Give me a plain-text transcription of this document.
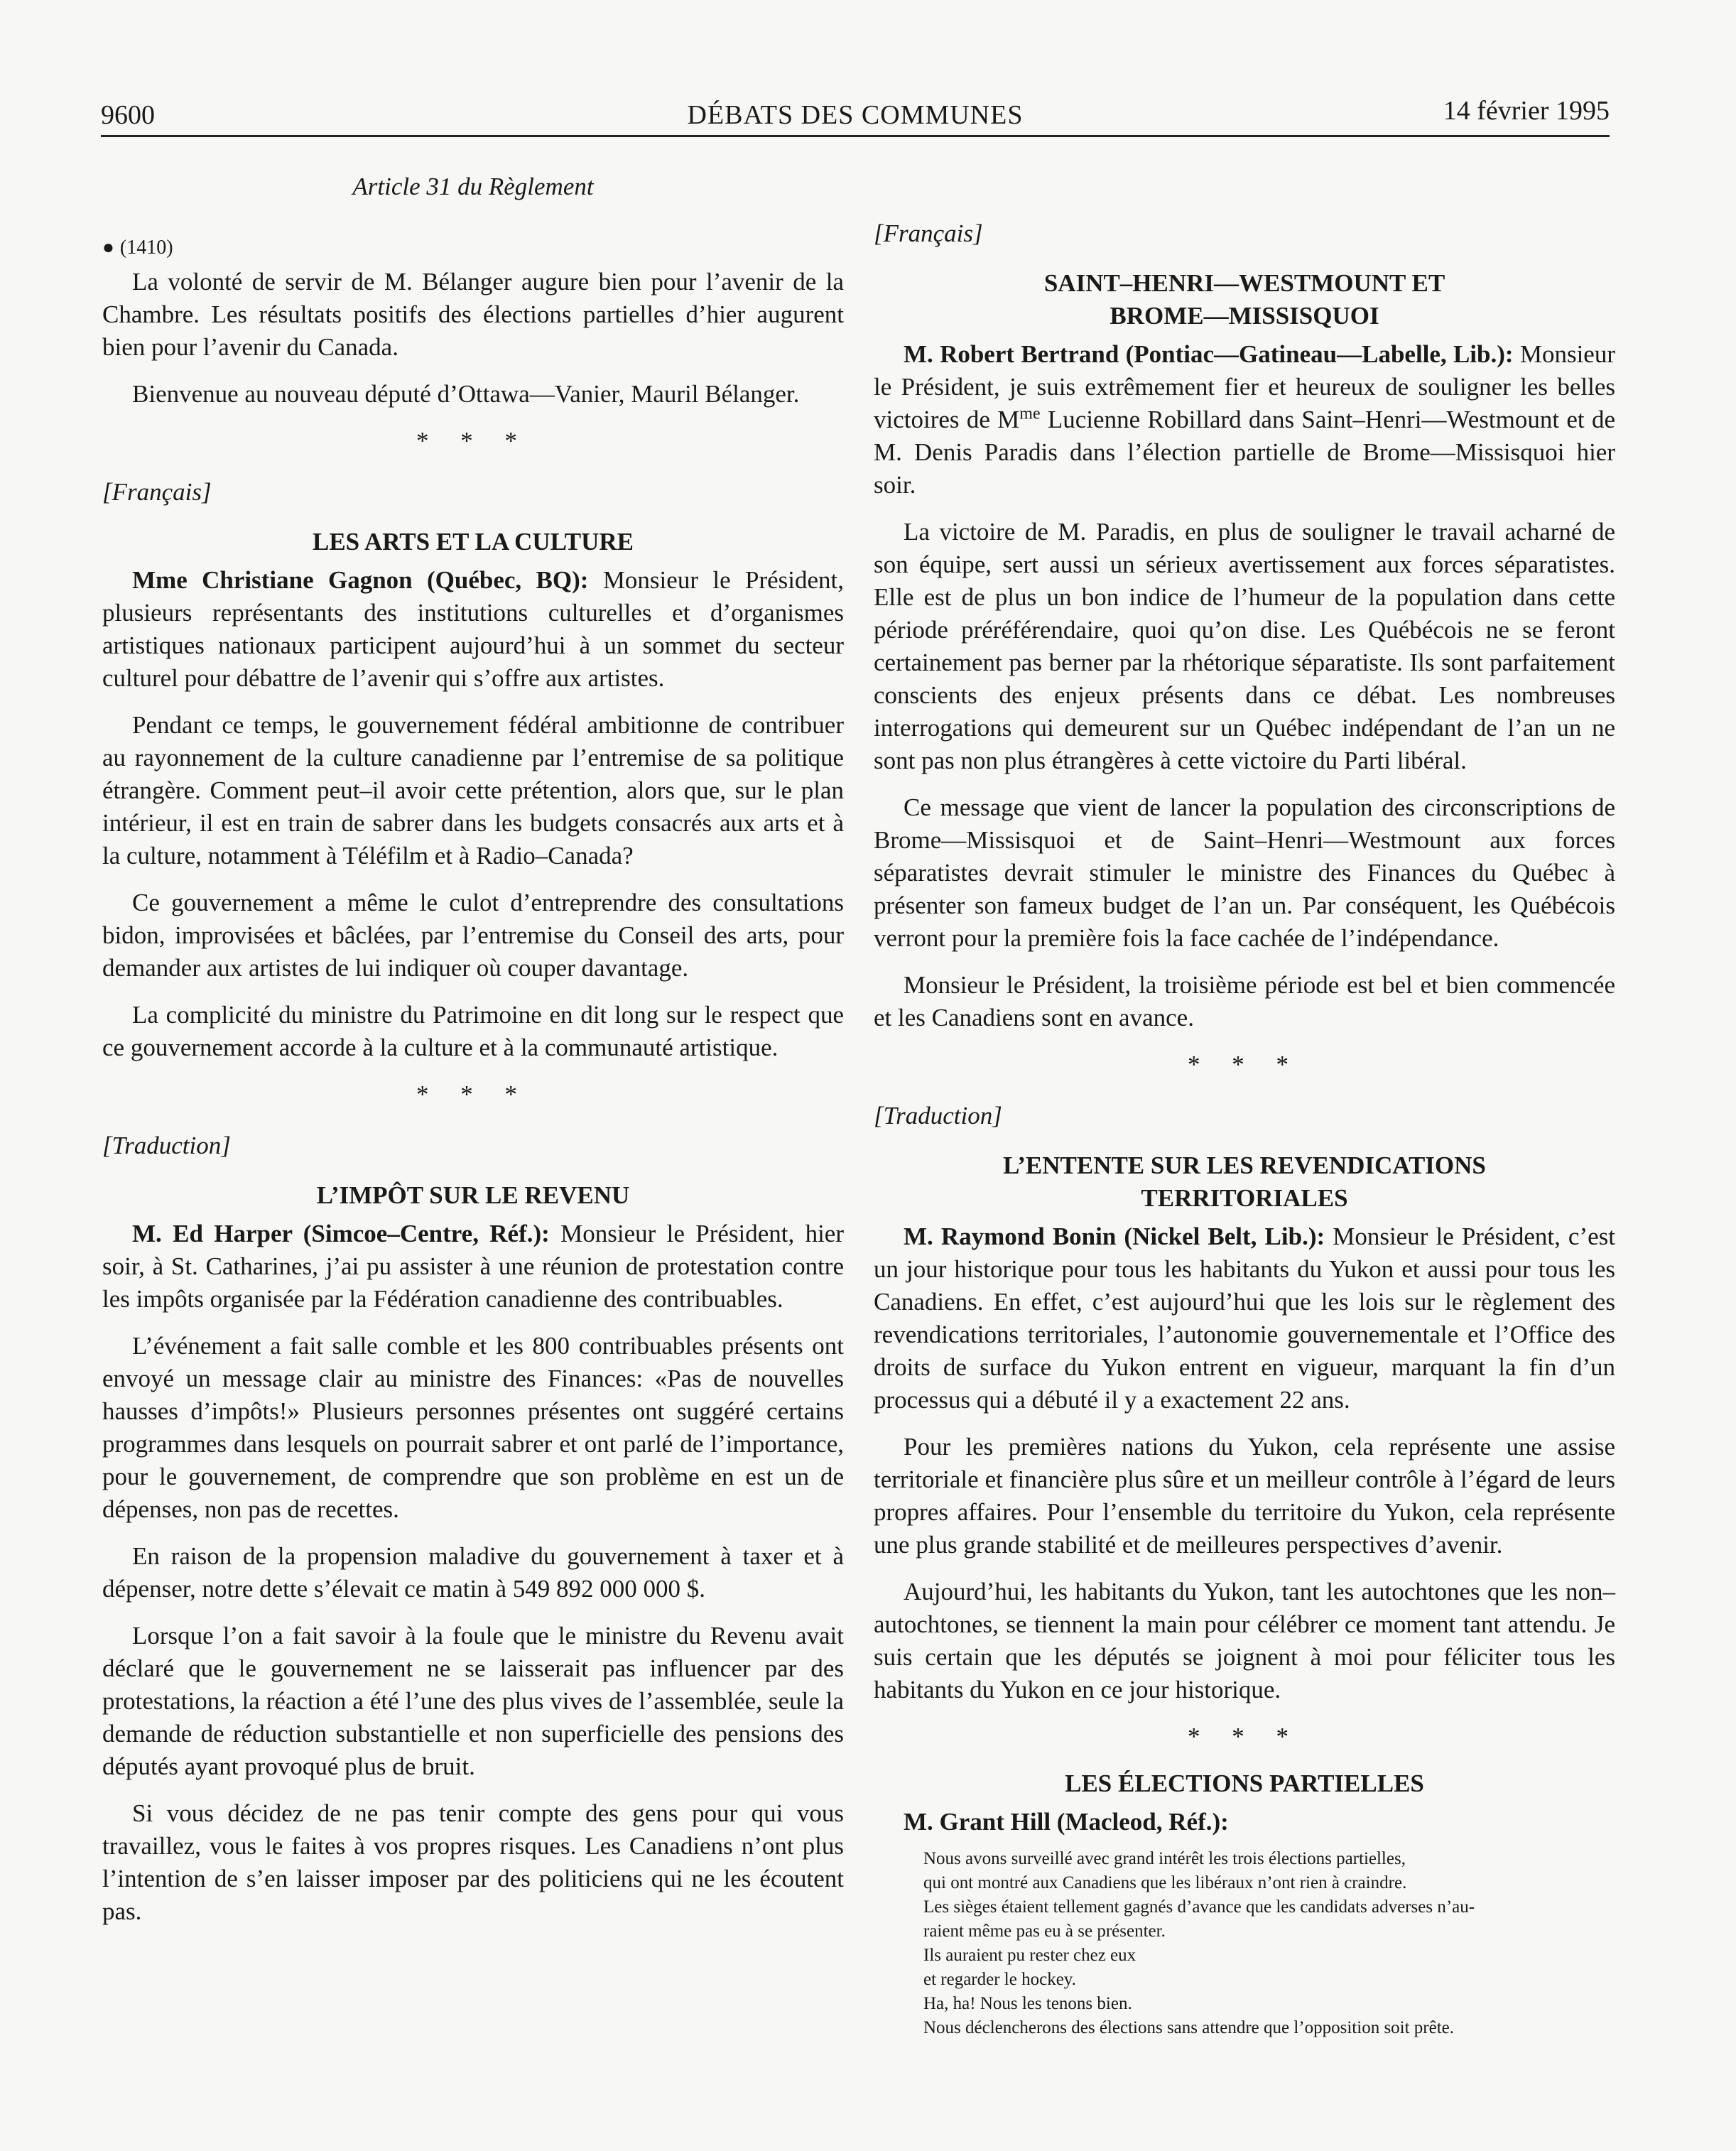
9600	DÉBATS DES COMMUNES	14 février 1995
Article 31 du Règlement
● (1410)

La volonté de servir de M. Bélanger augure bien pour l’avenir de la Chambre. Les résultats positifs des élections partielles d’hier augurent bien pour l’avenir du Canada.

Bienvenue au nouveau député d’Ottawa—Vanier, Mauril Bélanger.

* * *
[Français]
LES ARTS ET LA CULTURE

Mme Christiane Gagnon (Québec, BQ): Monsieur le Président, plusieurs représentants des institutions culturelles et d’organismes artistiques nationaux participent aujourd’hui à un sommet du secteur culturel pour débattre de l’avenir qui s’offre aux artistes.

Pendant ce temps, le gouvernement fédéral ambitionne de contribuer au rayonnement de la culture canadienne par l’entremise de sa politique étrangère. Comment peut–il avoir cette prétention, alors que, sur le plan intérieur, il est en train de sabrer dans les budgets consacrés aux arts et à la culture, notamment à Téléfilm et à Radio–Canada?

Ce gouvernement a même le culot d’entreprendre des consultations bidon, improvisées et bâclées, par l’entremise du Conseil des arts, pour demander aux artistes de lui indiquer où couper davantage.

La complicité du ministre du Patrimoine en dit long sur le respect que ce gouvernement accorde à la culture et à la communauté artistique.

* * *
[Traduction]
L’IMPÔT SUR LE REVENU

M. Ed Harper (Simcoe–Centre, Réf.): Monsieur le Président, hier soir, à St. Catharines, j’ai pu assister à une réunion de protestation contre les impôts organisée par la Fédération canadienne des contribuables.

L’événement a fait salle comble et les 800 contribuables présents ont envoyé un message clair au ministre des Finances: «Pas de nouvelles hausses d’impôts!» Plusieurs personnes présentes ont suggéré certains programmes dans lesquels on pourrait sabrer et ont parlé de l’importance, pour le gouvernement, de comprendre que son problème en est un de dépenses, non pas de recettes.

En raison de la propension maladive du gouvernement à taxer et à dépenser, notre dette s’élevait ce matin à 549 892 000 000 $.

Lorsque l’on a fait savoir à la foule que le ministre du Revenu avait déclaré que le gouvernement ne se laisserait pas influencer par des protestations, la réaction a été l’une des plus vives de l’assemblée, seule la demande de réduction substantielle et non superficielle des pensions des députés ayant provoqué plus de bruit.

Si vous décidez de ne pas tenir compte des gens pour qui vous travaillez, vous le faites à vos propres risques. Les Canadiens n’ont plus l’intention de s’en laisser imposer par des politiciens qui ne les écoutent pas.

[Français]
SAINT–HENRI—WESTMOUNT ET
BROME—MISSISQUOI

M. Robert Bertrand (Pontiac—Gatineau—Labelle, Lib.): Monsieur le Président, je suis extrêmement fier et heureux de souligner les belles victoires de $M^{me}$ Lucienne Robillard dans Saint–Henri—Westmount et de M. Denis Paradis dans l’élection partielle de Brome—Missisquoi hier soir.

La victoire de M. Paradis, en plus de souligner le travail acharné de son équipe, sert aussi un sérieux avertissement aux forces séparatistes. Elle est de plus un bon indice de l’humeur de la population dans cette période préréférendaire, quoi qu’on dise. Les Québécois ne se feront certainement pas berner par la rhétorique séparatiste. Ils sont parfaitement conscients des enjeux présents dans ce débat. Les nombreuses interrogations qui demeurent sur un Québec indépendant de l’an un ne sont pas non plus étrangères à cette victoire du Parti libéral.

Ce message que vient de lancer la population des circonscriptions de Brome—Missisquoi et de Saint–Henri—Westmount aux forces séparatistes devrait stimuler le ministre des Finances du Québec à présenter son fameux budget de l’an un. Par conséquent, les Québécois verront pour la première fois la face cachée de l’indépendance.

Monsieur le Président, la troisième période est bel et bien commencée et les Canadiens sont en avance.

* * *
[Traduction]
L’ENTENTE SUR LES REVENDICATIONS
TERRITORIALES

M. Raymond Bonin (Nickel Belt, Lib.): Monsieur le Président, c’est un jour historique pour tous les habitants du Yukon et aussi pour tous les Canadiens. En effet, c’est aujourd’hui que les lois sur le règlement des revendications territoriales, l’autonomie gouvernementale et l’Office des droits de surface du Yukon entrent en vigueur, marquant la fin d’un processus qui a débuté il y a exactement 22 ans.

Pour les premières nations du Yukon, cela représente une assise territoriale et financière plus sûre et un meilleur contrôle à l’égard de leurs propres affaires. Pour l’ensemble du territoire du Yukon, cela représente une plus grande stabilité et de meilleures perspectives d’avenir.

Aujourd’hui, les habitants du Yukon, tant les autochtones que les non–autochtones, se tiennent la main pour célébrer ce moment tant attendu. Je suis certain que les députés se joignent à moi pour féliciter tous les habitants du Yukon en ce jour historique.

* * *
LES ÉLECTIONS PARTIELLES
M. Grant Hill (Macleod, Réf.):
Nous avons surveillé avec grand intérêt les trois élections partielles,
qui ont montré aux Canadiens que les libéraux n’ont rien à craindre.
Les sièges étaient tellement gagnés d’avance que les candidats adverses n’au-
raient même pas eu à se présenter.
Ils auraient pu rester chez eux
et regarder le hockey.
Ha, ha! Nous les tenons bien.
Nous déclencherons des élections sans attendre que l’opposition soit prête.
